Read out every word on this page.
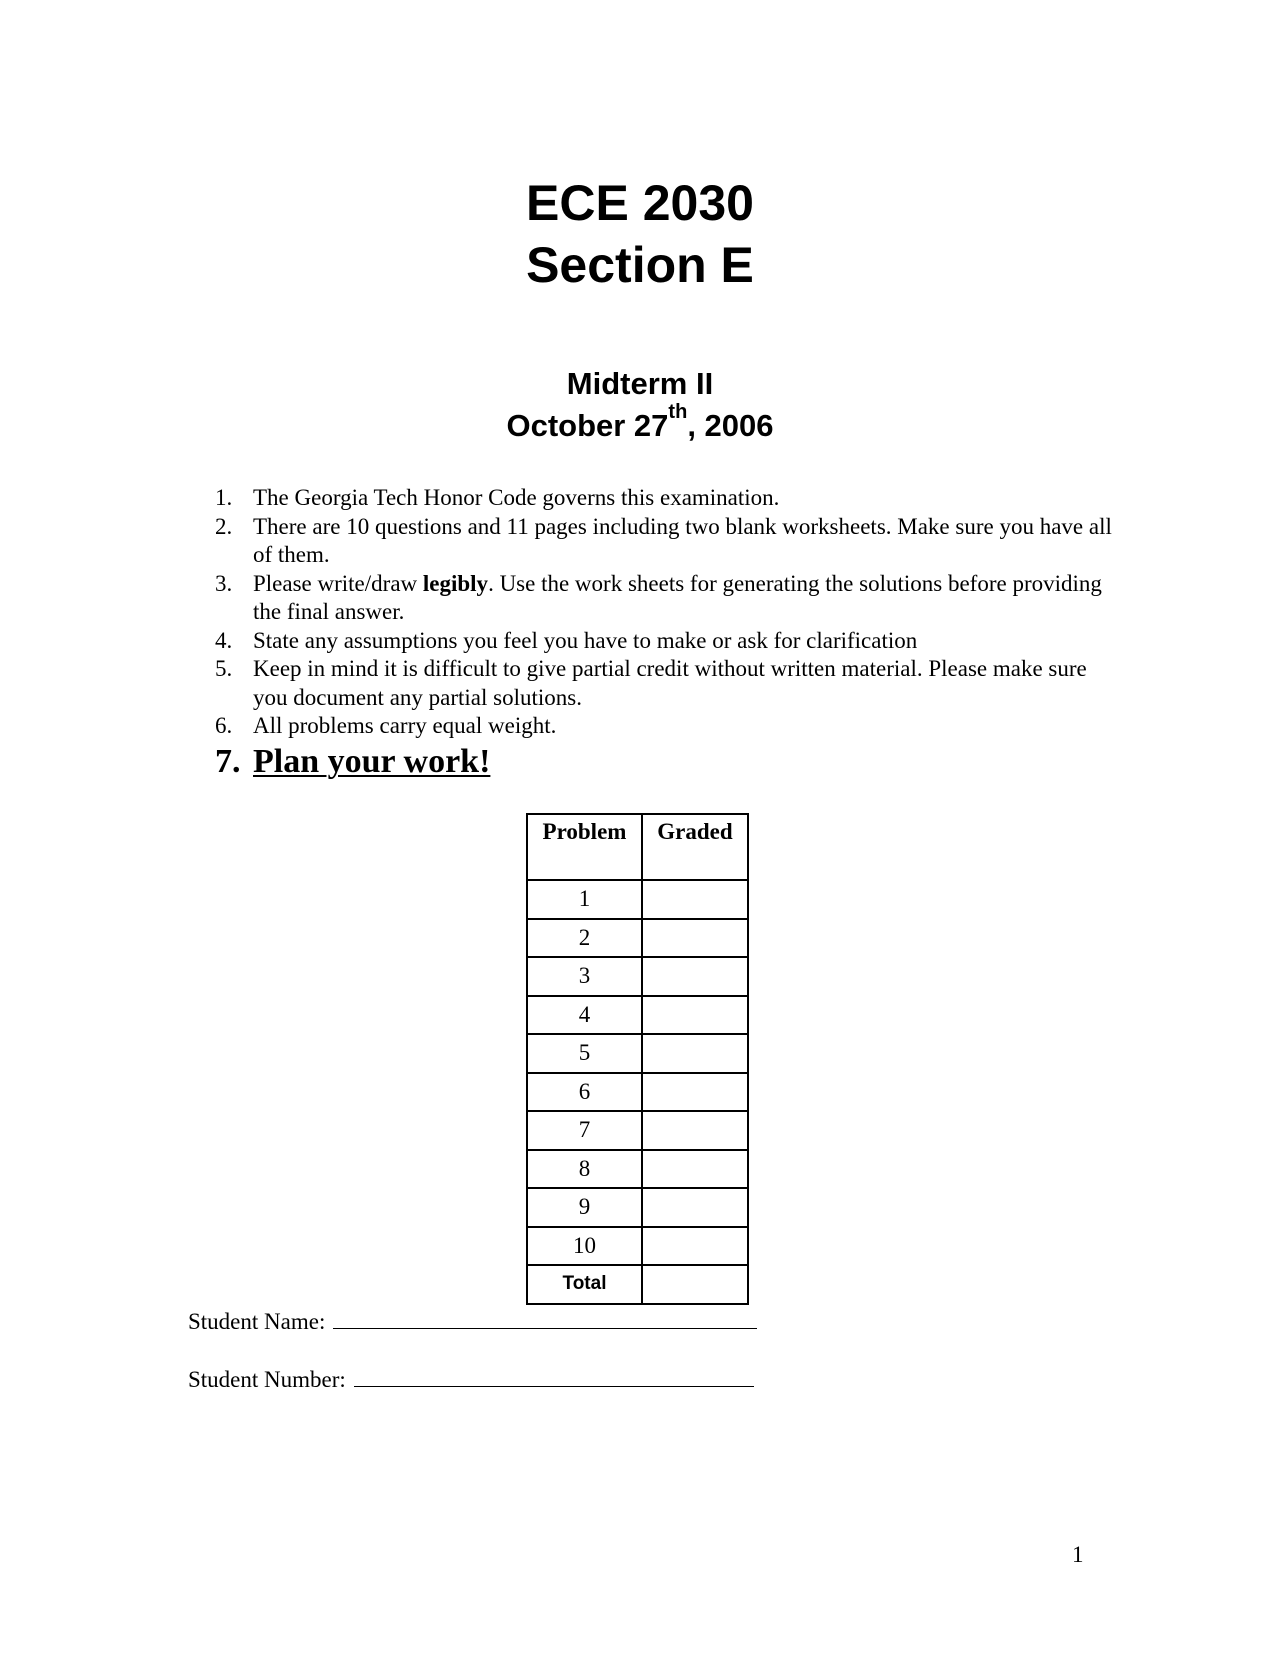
ECE 2030
Section E
Midterm II
October 27th, 2006
1. The Georgia Tech Honor Code governs this examination.
2. There are 10 questions and 11 pages including two blank worksheets. Make sure you have all of them.
3. Please write/draw legibly. Use the work sheets for generating the solutions before providing the final answer.
4. State any assumptions you feel you have to make or ask for clarification
5. Keep in mind it is difficult to give partial credit without written material. Please make sure you document any partial solutions.
6. All problems carry equal weight.
7. Plan your work!
Problem	Graded
1	
2	
3	
4	
5	
6	
7	
8	
9	
10	
Total	
Student Name:
Student Number:
1
